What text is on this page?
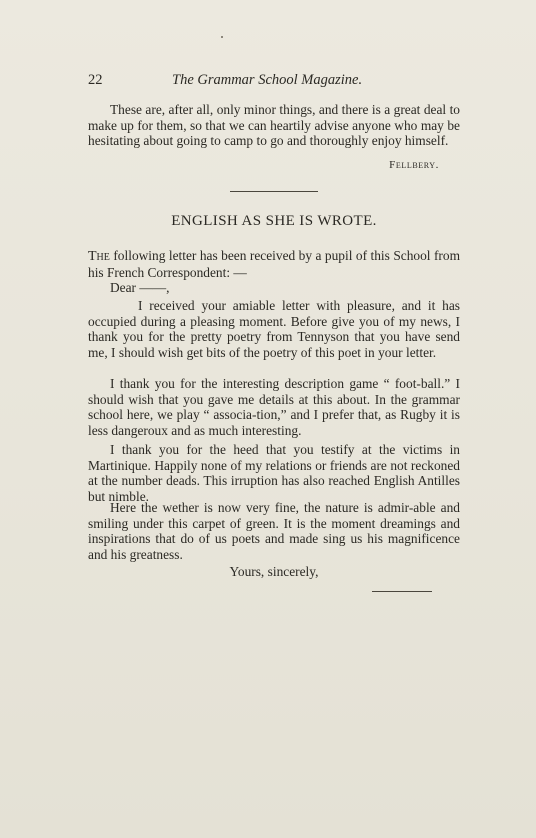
22	The Grammar School Magazine.

These are, after all, only minor things, and there is a great deal to make up for them, so that we can heartily advise anyone who may be hesitating about going to camp to go and thoroughly enjoy himself.

Fellbery.
ENGLISH AS SHE IS WROTE.

The following letter has been received by a pupil of this School from his French Correspondent: —

Dear ——,

I received your amiable letter with pleasure, and it has occupied during a pleasing moment. Before give you of my news, I thank you for the pretty poetry from Tennyson that you have send me, I should wish get bits of the poetry of this poet in your letter.

I thank you for the interesting description game “ foot-ball.” I should wish that you gave me details at this about. In the grammar school here, we play “ associa-tion,” and I prefer that, as Rugby it is less dangeroux and as much interesting.

I thank you for the heed that you testify at the victims in Martinique. Happily none of my relations or friends are not reckoned at the number deads. This irruption has also reached English Antilles but nimble.

Here the wether is now very fine, the nature is admir-able and smiling under this carpet of green. It is the moment dreamings and inspirations that do of us poets and made sing us his magnificence and his greatness.

Yours, sincerely,
